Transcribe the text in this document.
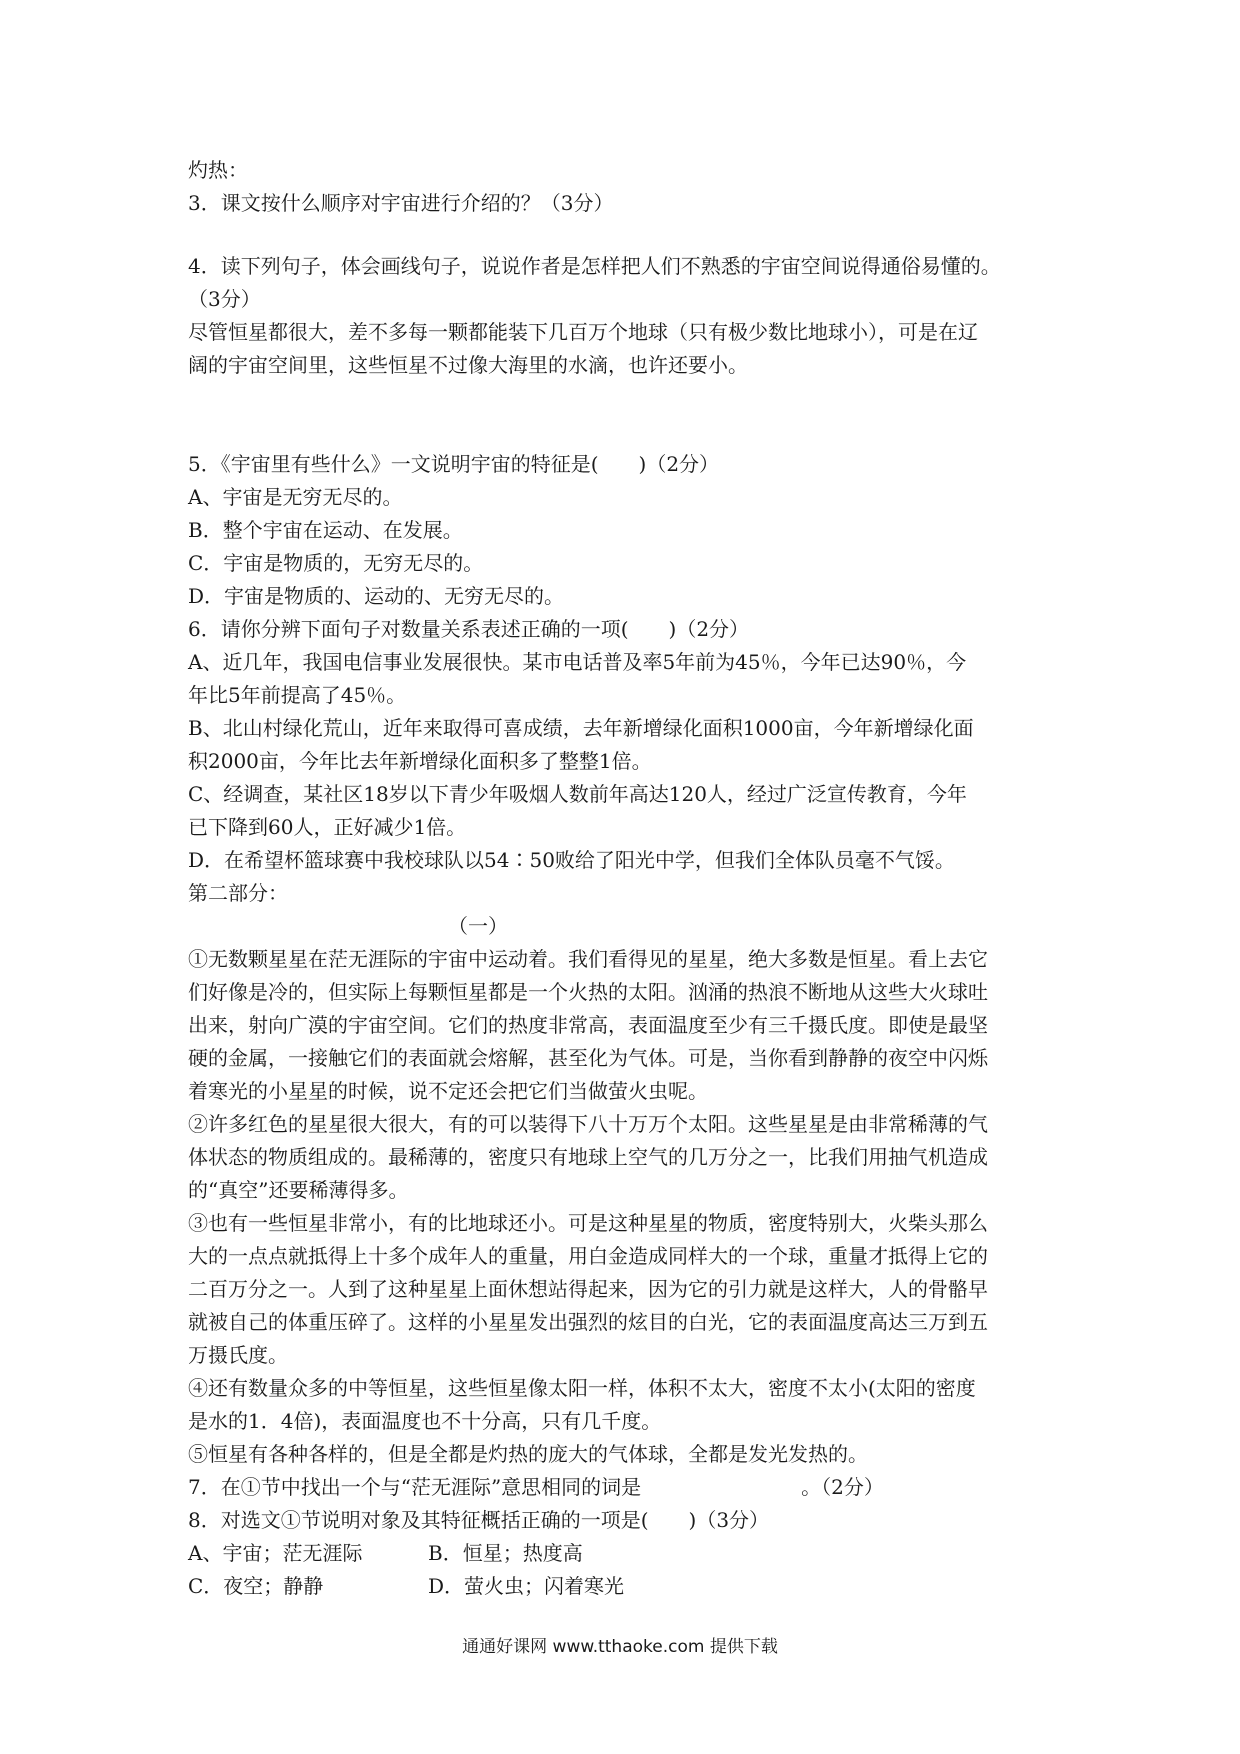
灼热：

3．课文按什么顺序对宇宙进行介绍的？（3分）

4．读下列句子，体会画线句子，说说作者是怎样把人们不熟悉的宇宙空间说得通俗易懂的。

（3分）

尽管恒星都很大，差不多每一颗都能装下几百万个地球（只有极少数比地球小），可是在辽

阔的宇宙空间里，这些恒星不过像大海里的水滴，也许还要小。

5．《宇宙里有些什么》一文说明宇宙的特征是(　　)（2分）

A、宇宙是无穷无尽的。

B．整个宇宙在运动、在发展。

C．宇宙是物质的，无穷无尽的。

D．宇宙是物质的、运动的、无穷无尽的。

6．请你分辨下面句子对数量关系表述正确的一项(　　)（2分）

A、近几年，我国电信事业发展很快。某市电话普及率5年前为45％，今年已达90％，今

年比5年前提高了45％。

B、北山村绿化荒山，近年来取得可喜成绩，去年新增绿化面积1000亩，今年新增绿化面

积2000亩，今年比去年新增绿化面积多了整整1倍。

C、经调查，某社区18岁以下青少年吸烟人数前年高达120人，经过广泛宣传教育，今年

已下降到60人，正好减少1倍。

D．在希望杯篮球赛中我校球队以54∶50败给了阳光中学，但我们全体队员毫不气馁。

第二部分：

（一）

①无数颗星星在茫无涯际的宇宙中运动着。我们看得见的星星，绝大多数是恒星。看上去它

们好像是冷的，但实际上每颗恒星都是一个火热的太阳。汹涌的热浪不断地从这些大火球吐

出来，射向广漠的宇宙空间。它们的热度非常高，表面温度至少有三千摄氏度。即使是最坚

硬的金属，一接触它们的表面就会熔解，甚至化为气体。可是，当你看到静静的夜空中闪烁

着寒光的小星星的时候，说不定还会把它们当做萤火虫呢。

②许多红色的星星很大很大，有的可以装得下八十万万个太阳。这些星星是由非常稀薄的气

体状态的物质组成的。最稀薄的，密度只有地球上空气的几万分之一，比我们用抽气机造成

的“真空”还要稀薄得多。

③也有一些恒星非常小，有的比地球还小。可是这种星星的物质，密度特别大，火柴头那么

大的一点点就抵得上十多个成年人的重量，用白金造成同样大的一个球，重量才抵得上它的

二百万分之一。人到了这种星星上面休想站得起来，因为它的引力就是这样大，人的骨骼早

就被自己的体重压碎了。这样的小星星发出强烈的炫目的白光，它的表面温度高达三万到五

万摄氏度。

④还有数量众多的中等恒星，这些恒星像太阳一样，体积不太大，密度不太小(太阳的密度

是水的1．4倍)，表面温度也不十分高，只有几千度。

⑤恒星有各种各样的，但是全都是灼热的庞大的气体球，全都是发光发热的。

7．在①节中找出一个与“茫无涯际”意思相同的词是　　　　　　　　。（2分）

8．对选文①节说明对象及其特征概括正确的一项是(　　)（3分）

A、宇宙；茫无涯际	B．恒星；热度高
C．夜空；静静	D．萤火虫；闪着寒光
通通好课网 www.tthaoke.com 提供下载
